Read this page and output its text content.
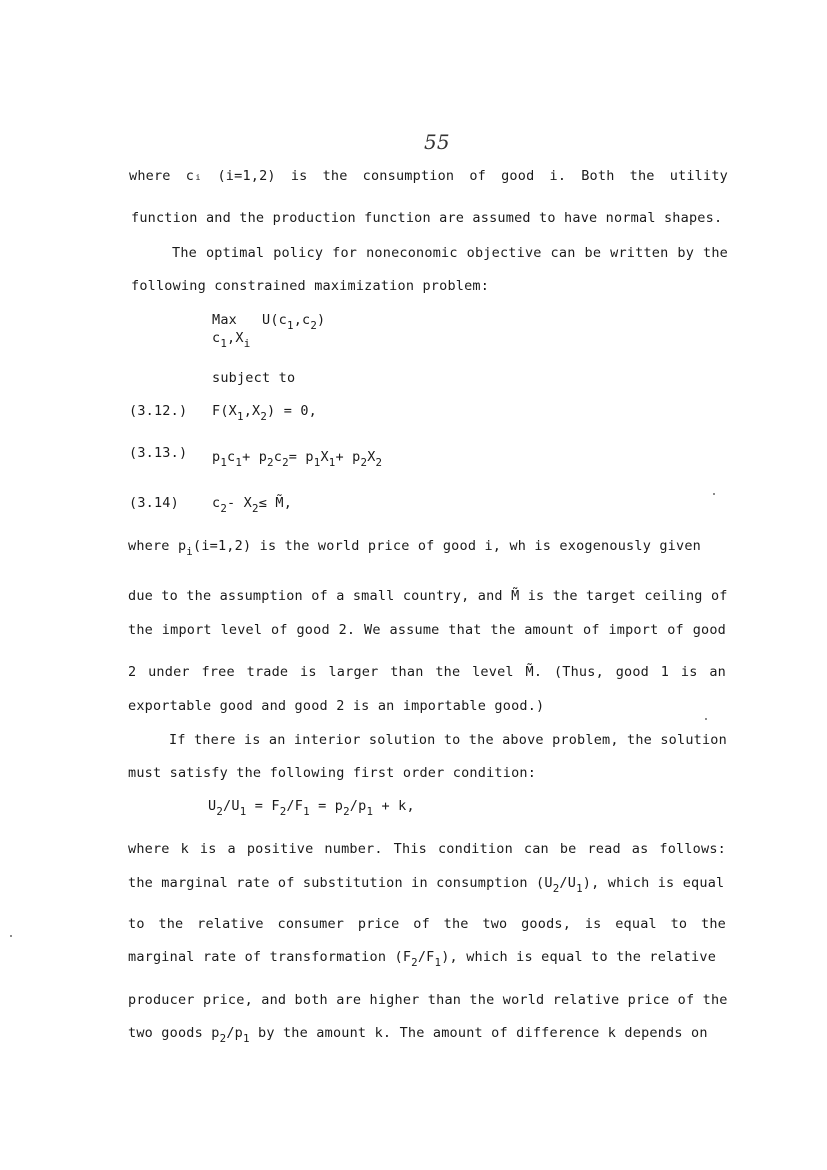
55
where cᵢ (i=1,2) is the consumption of good i. Both the utility
function and the production function are assumed to have normal shapes.
The optimal policy for noneconomic objective can be written by the
following constrained maximization problem:
Max
$c_1,X_i$
$U(c_1,c_2)$
subject to
(3.12.) $F(X_1,X_2) = 0$,
(3.13.) $p_1c_1+ p_2c_2= p_1X_1+ p_2X_2$
(3.14) $c_2-$ $X_2\le$ M̃,
where $p_i(i=1,2)$ is the world price of good i, wh is exogenously given
due to the assumption of a small country, and M̃ is the target ceiling of
the import level of good 2. We assume that the amount of import of good
2 under free trade is larger than the level M̃. (Thus, good 1 is an
exportable good and good 2 is an importable good.)
If there is an interior solution to the above problem, the solution
must satisfy the following first order condition:
$U_2/U_1 = F_2/F_1 = p_2/p_1 + k$,
where k is a positive number. This condition can be read as follows:
the marginal rate of substitution in consumption $(U_2/U_1)$, which is equal
to the relative consumer price of the two goods, is equal to the
marginal rate of transformation $(F_2/F_1)$, which is equal to the relative
producer price, and both are higher than the world relative price of the
two goods $p_2/p_1$ by the amount k. The amount of difference k depends on
